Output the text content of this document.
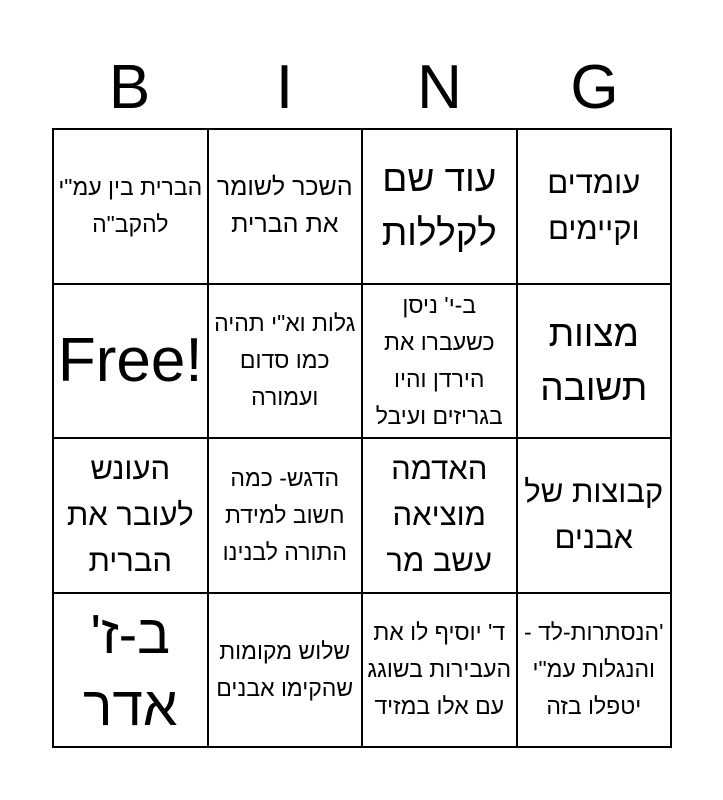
B	I	N	G
הברית בין עמ"י להקב"ה
השכר לשומר את הברית
עוד שם לקללות
עומדים וקיימים
Free!
גלות וא"י תהיה כמו סדום ועמורה
ב-י' ניסן כשעברו את הירדן והיו בגריזים ועיבל
מצוות תשובה
העונש לעובר את הברית
הדגש- כמה חשוב למידת התורה לבנינו
האדמה מוציאה עשב מר
קבוצות של אבנים
ב-ז' אדר
שלוש מקומות שהקימו אבנים
ד' יוסיף לו את העבירות בשוגג עם אלו במזיד
'הנסתרות-לד -והנגלות עמ"י יטפלו בזה
